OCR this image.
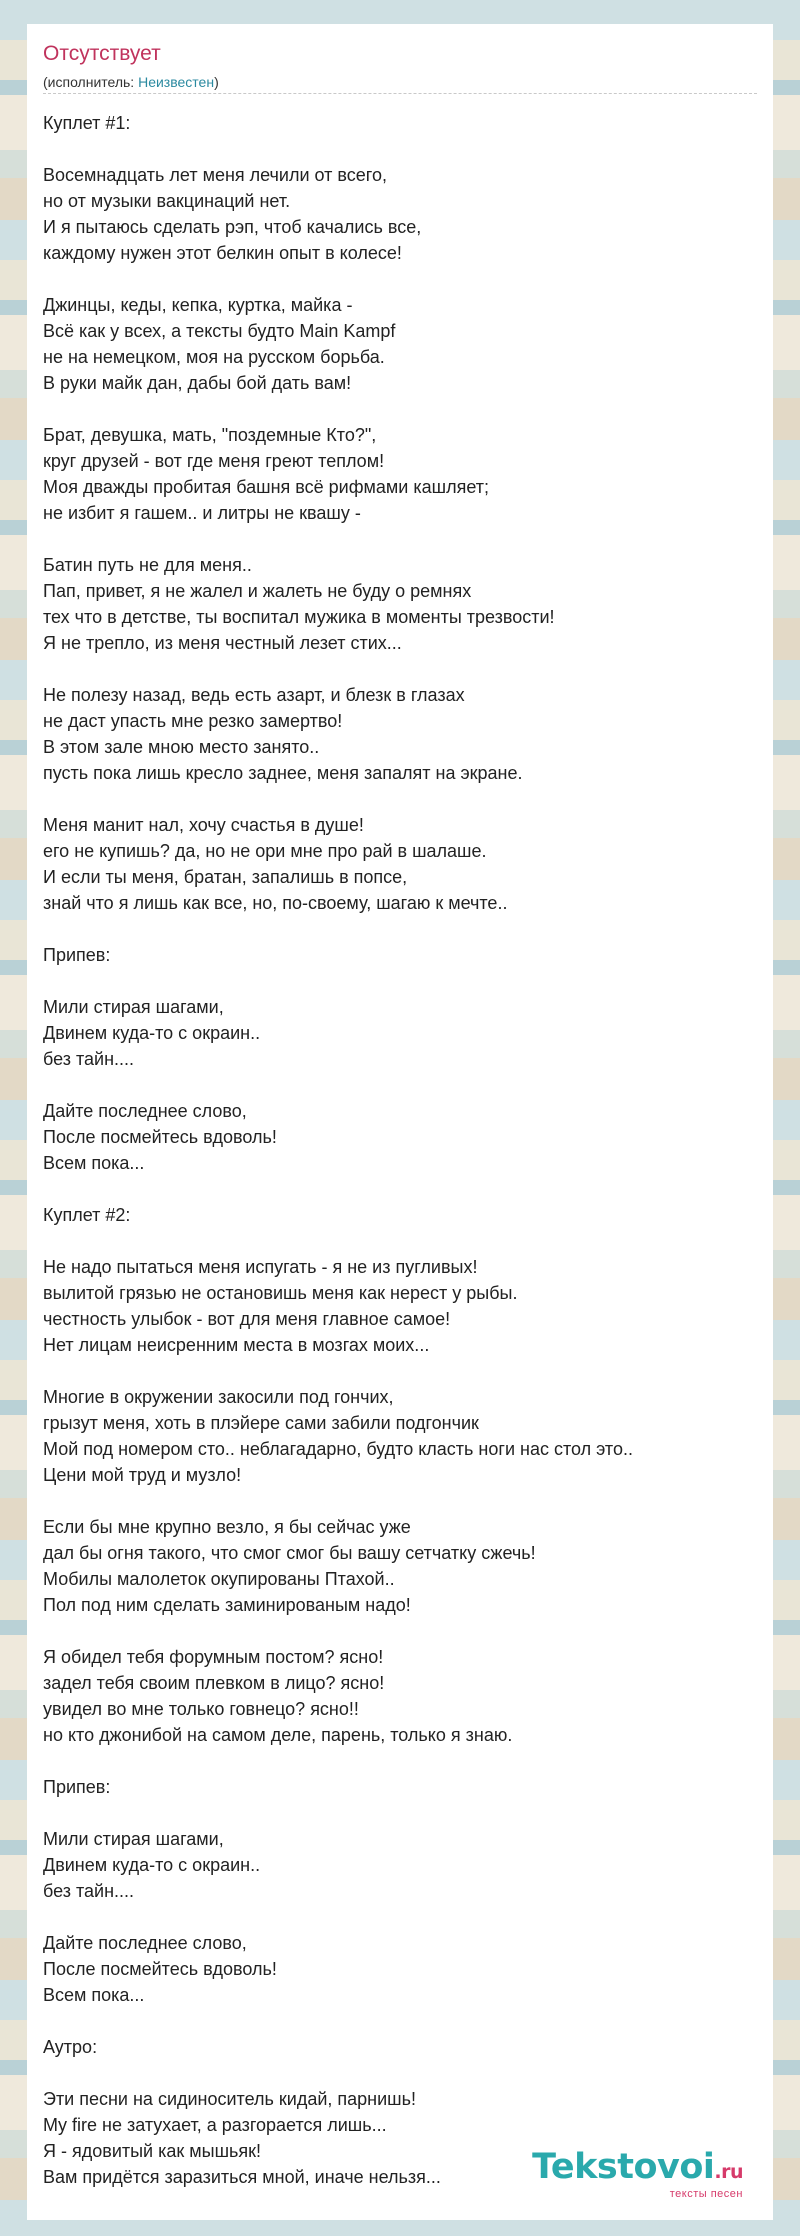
Отсутствует
(исполнитель: Неизвестен)
Куплет #1:

Восемнадцать лет меня лечили от всего,
но от музыки вакцинаций нет.
И я пытаюсь сделать рэп, чтоб качались все,
каждому нужен этот белкин опыт в колесе!

Джинцы, кеды, кепка, куртка, майка -
Всё как у всех, а тексты будто Main Kampf
не на немецком, моя на русском борьба.
В руки майк дан, дабы бой дать вам!

Брат, девушка, мать, "поздемные Кто?",
круг друзей - вот где меня греют теплом!
Моя дважды пробитая башня всё рифмами кашляет;
не избит я гашем.. и литры не квашу -

Батин путь не для меня..
Пап, привет, я не жалел и жалеть не буду о ремнях
тех что в детстве, ты воспитал мужика в моменты трезвости!
Я не трепло, из меня честный лезет стих...

Не полезу назад, ведь есть азарт, и блезк в глазах
не даст упасть мне резко замертво!
В этом зале мною место занято..
пусть пока лишь кресло заднее, меня запалят на экране.

Меня манит нал, хочу счастья в душе!
его не купишь? да, но не ори мне про рай в шалаше.
И если ты меня, братан, запалишь в попсе,
знай что я лишь как все, но, по-своему, шагаю к мечте..

Припев:

Мили стирая шагами,
Двинем куда-то с окраин..
без тайн....

Дайте последнее слово,
После посмейтесь вдоволь!
Всем пока...

Куплет #2:

Не надо пытаться меня испугать - я не из пугливых!
вылитой грязью не остановишь меня как нерест у рыбы.
честность улыбок - вот для меня главное самое!
Нет лицам неисренним места в мозгах моих...

Многие в окружении закосили под гончих,
грызут меня, хоть в плэйере сами забили подгончик
Мой под номером сто.. неблагадарно, будто класть ноги нас стол это..
Цени мой труд и музло!

Если бы мне крупно везло, я бы сейчас уже
дал бы огня такого, что смог смог бы вашу сетчатку сжечь!
Мобилы малолеток окупированы Птахой..
Пол под ним сделать заминированым надо!

Я обидел тебя форумным постом? ясно!
задел тебя своим плевком в лицо? ясно!
увидел во мне только говнецо? ясно!!
но кто джонибой на самом деле, парень, только я знаю.

Припев:

Мили стирая шагами,
Двинем куда-то с окраин..
без тайн....

Дайте последнее слово,
После посмейтесь вдоволь!
Всем пока...

Аутро:

Эти песни на сидиноситель кидай, парнишь!
My fire не затухает, а разгорается лишь...
Я - ядовитый как мышьяк!
Вам придётся заразиться мной, иначе нельзя...	Tekstovoi.ru
тексты песен
